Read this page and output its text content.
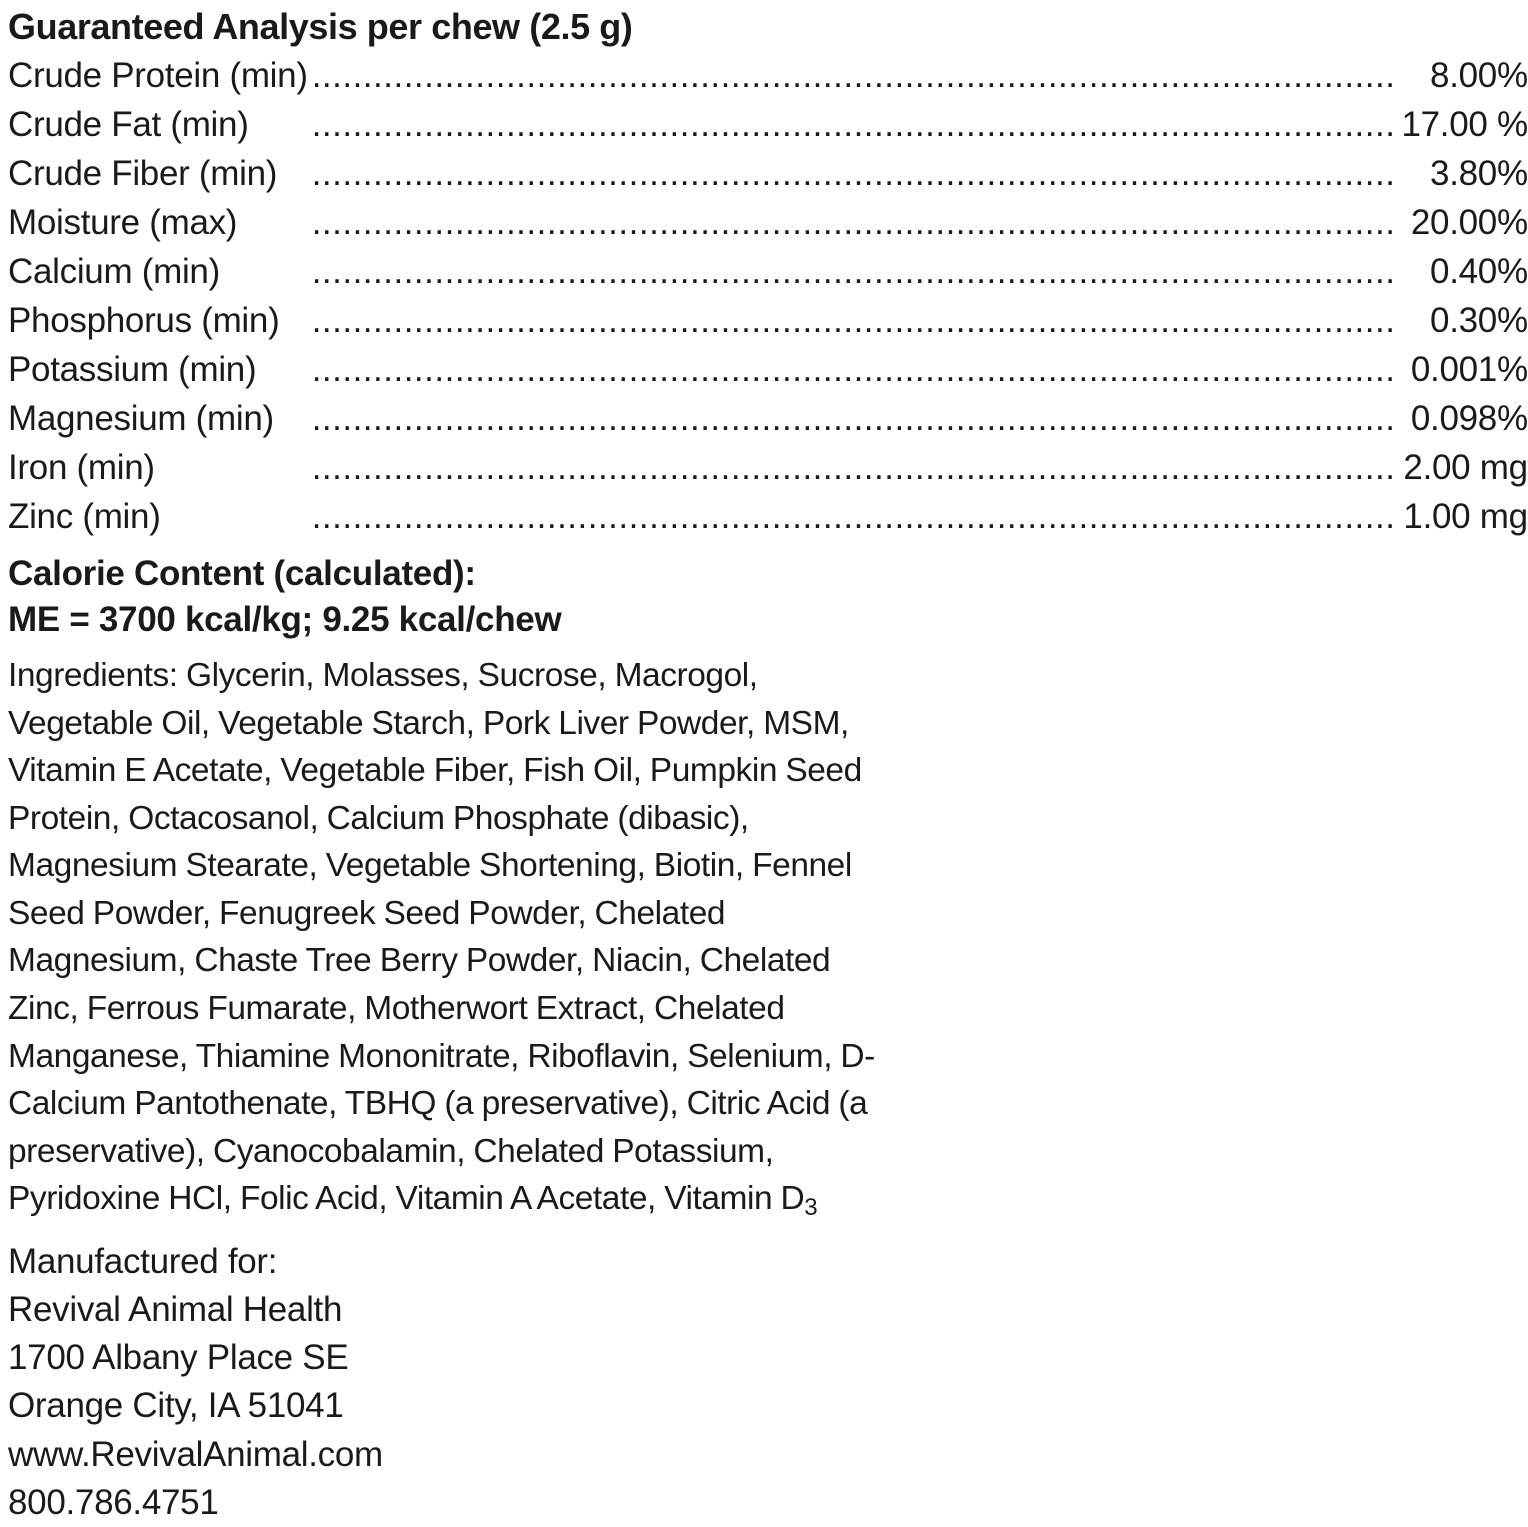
Guaranteed Analysis per chew (2.5 g)
Crude Protein (min)	.....	8.00%
Crude Fat (min)	.....	17.00 %
Crude Fiber (min)	.....	3.80%
Moisture (max)	.....	20.00%
Calcium (min)	.....	0.40%
Phosphorus (min)	.....	0.30%
Potassium (min)	.....	0.001%
Magnesium (min)	.....	0.098%
Iron (min)	.....	2.00 mg
Zinc (min)	.....	1.00 mg
Calorie Content (calculated):
ME = 3700 kcal/kg; 9.25 kcal/chew
Ingredients: Glycerin, Molasses, Sucrose, Macrogol, Vegetable Oil, Vegetable Starch, Pork Liver Powder, MSM, Vitamin E Acetate, Vegetable Fiber, Fish Oil, Pumpkin Seed Protein, Octacosanol, Calcium Phosphate (dibasic), Magnesium Stearate, Vegetable Shortening, Biotin, Fennel Seed Powder, Fenugreek Seed Powder, Chelated Magnesium, Chaste Tree Berry Powder, Niacin, Chelated Zinc, Ferrous Fumarate, Motherwort Extract, Chelated Manganese, Thiamine Mononitrate, Riboflavin, Selenium, D-Calcium Pantothenate, TBHQ (a preservative), Citric Acid (a preservative), Cyanocobalamin, Chelated Potassium, Pyridoxine HCl, Folic Acid, Vitamin A Acetate, Vitamin $D_3$
Manufactured for:
Revival Animal Health
1700 Albany Place SE
Orange City, IA 51041
www.RevivalAnimal.com
800.786.4751
